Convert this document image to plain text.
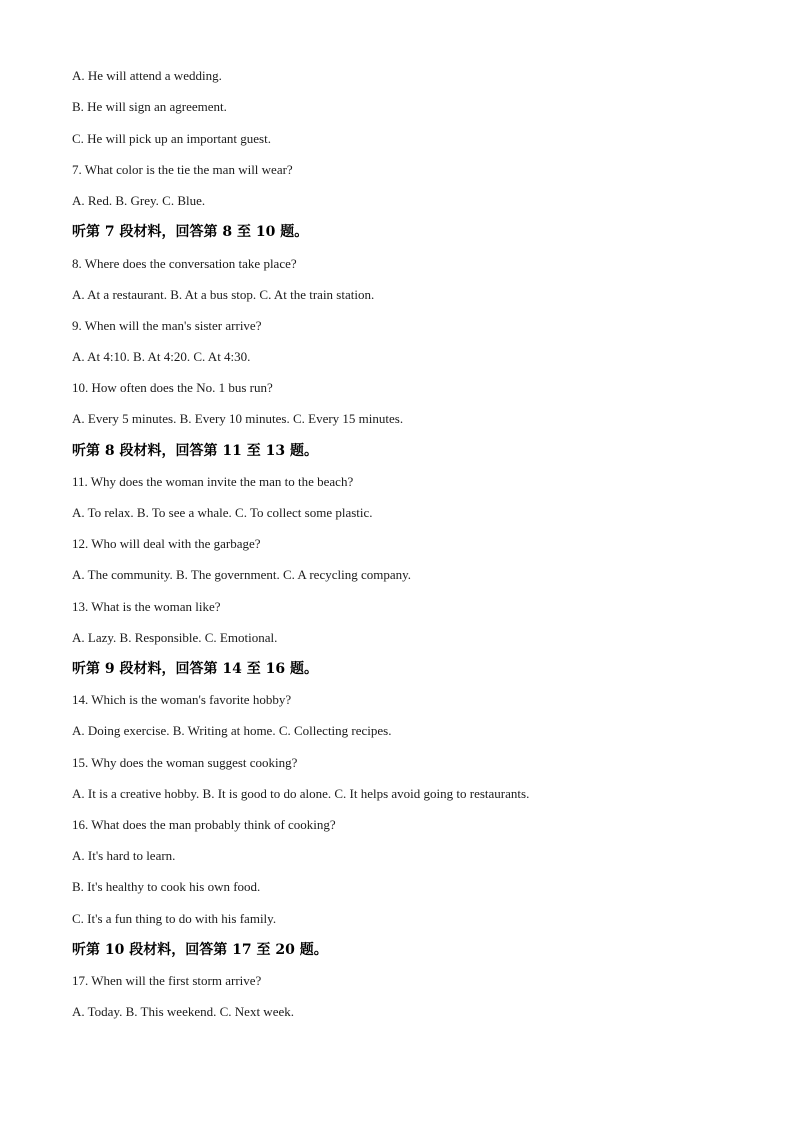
A. He will attend a wedding.
B. He will sign an agreement.
C. He will pick up an important guest.
7. What color is the tie the man will wear?
A. Red. B. Grey. C. Blue.
听第 7 段材料，回答第 8 至 10 题。
8. Where does the conversation take place?
A. At a restaurant. B. At a bus stop. C. At the train station.
9. When will the man's sister arrive?
A. At 4:10. B. At 4:20. C. At 4:30.
10. How often does the No. 1 bus run?
A. Every 5 minutes. B. Every 10 minutes. C. Every 15 minutes.
听第 8 段材料，回答第 11 至 13 题。
11. Why does the woman invite the man to the beach?
A. To relax. B. To see a whale. C. To collect some plastic.
12. Who will deal with the garbage?
A. The community. B. The government. C. A recycling company.
13. What is the woman like?
A. Lazy. B. Responsible. C. Emotional.
听第 9 段材料，回答第 14 至 16 题。
14. Which is the woman's favorite hobby?
A. Doing exercise. B. Writing at home. C. Collecting recipes.
15. Why does the woman suggest cooking?
A. It is a creative hobby. B. It is good to do alone. C. It helps avoid going to restaurants.
16. What does the man probably think of cooking?
A. It's hard to learn.
B. It's healthy to cook his own food.
C. It's a fun thing to do with his family.
听第 10 段材料，回答第 17 至 20 题。
17. When will the first storm arrive?
A. Today. B. This weekend. C. Next week.
